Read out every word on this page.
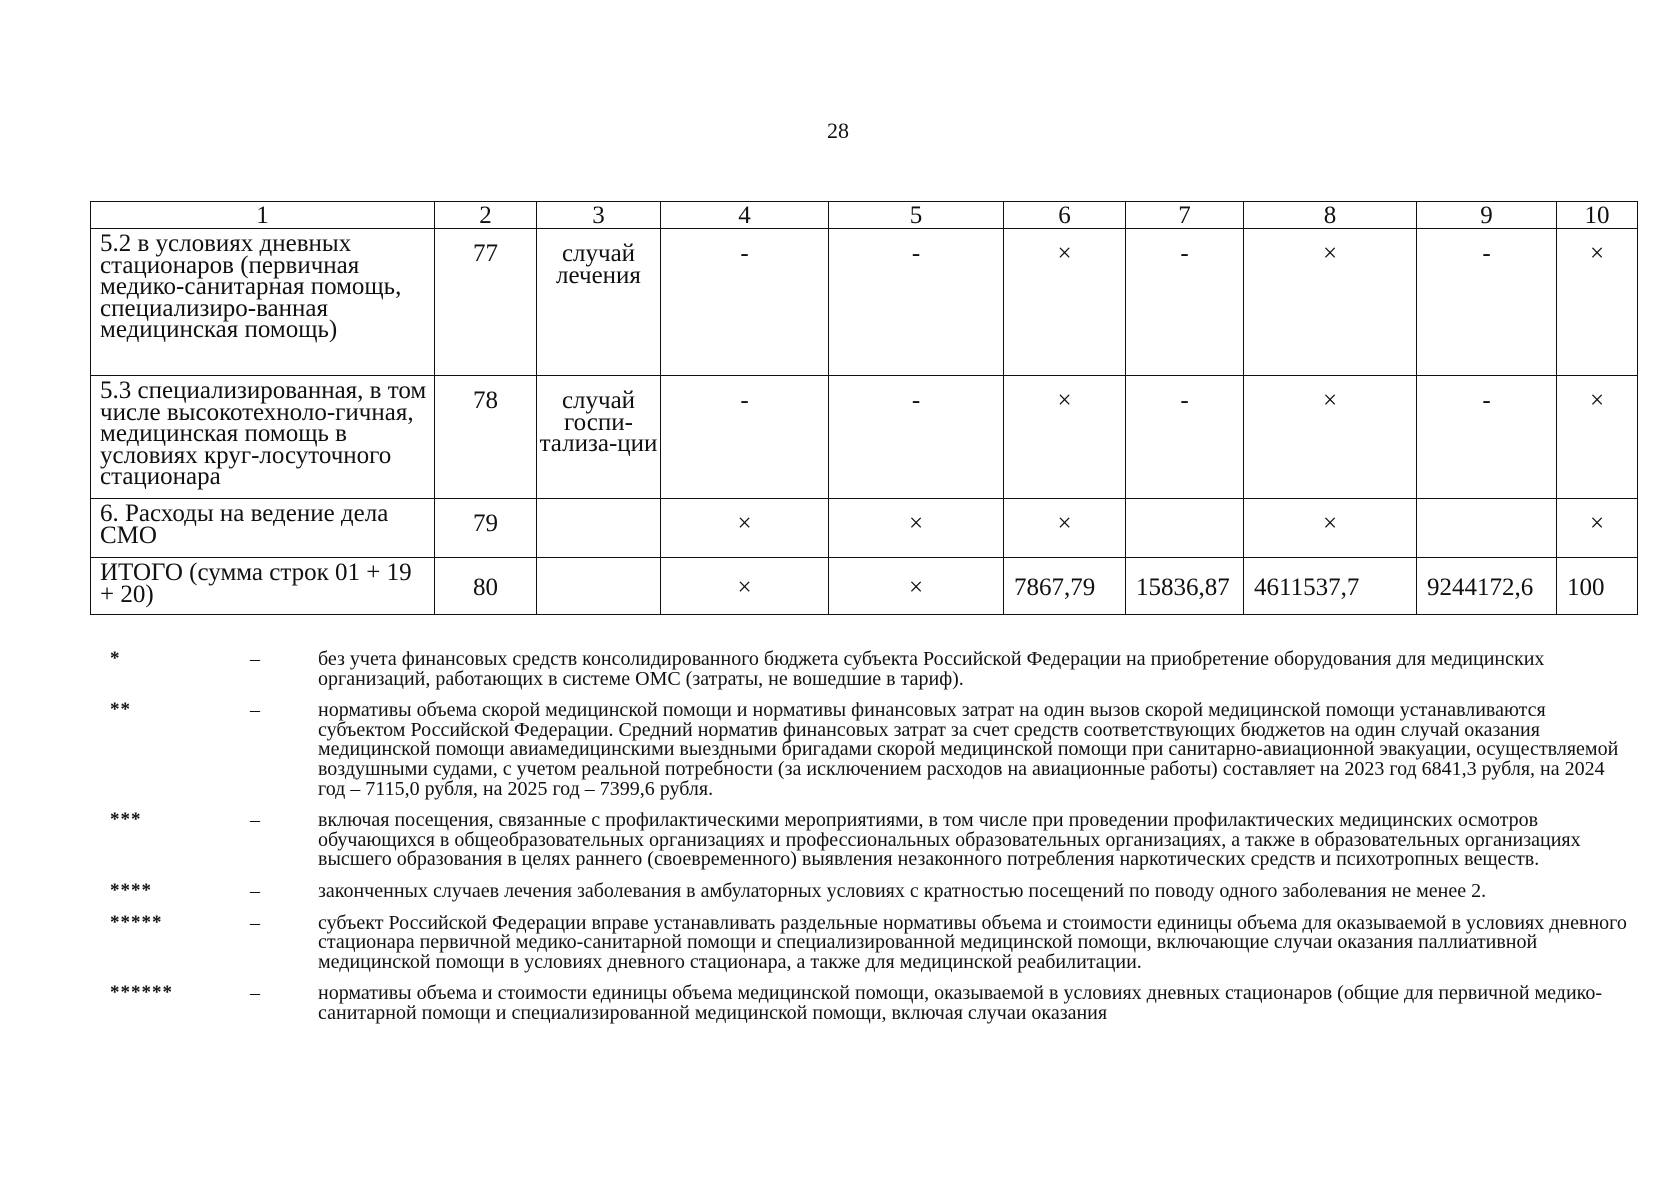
28
1	2	3	4	5	6	7	8	9	10
5.2 в условиях дневных стационаров (первичная медико-санитарная помощь, специализиро-ванная медицинская помощь)	77	случай лечения	-	-	×	-	×	-	×
5.3 специализированная, в том числе высокотехноло-гичная, медицинская помощь в условиях круг-лосуточного стационара	78	случай госпи-тализа-ции	-	-	×	-	×	-	×
6. Расходы на ведение дела СМО	79		×	×	×		×		×
ИТОГО (сумма строк 01 + 19 + 20)	80		×	×	7867,79	15836,87	4611537,7	9244172,6	100
*	–	без учета финансовых средств консолидированного бюджета субъекта Российской Федерации на приобретение оборудования для медицинских организаций, работающих в системе ОМС (затраты, не вошедшие в тариф).
**	–	нормативы объема скорой медицинской помощи и нормативы финансовых затрат на один вызов скорой медицинской помощи устанавливаются субъектом Российской Федерации. Средний норматив финансовых затрат за счет средств соответствующих бюджетов на один случай оказания медицинской помощи авиамедицинскими выездными бригадами скорой медицинской помощи при санитарно-авиационной эвакуации, осуществляемой воздушными судами, с учетом реальной потребности (за исключением расходов на авиационные работы) составляет на 2023 год 6841,3 рубля, на 2024 год – 7115,0 рубля, на 2025 год – 7399,6 рубля.
***	–	включая посещения, связанные с профилактическими мероприятиями, в том числе при проведении профилактических медицинских осмотров обучающихся в общеобразовательных организациях и профессиональных образовательных организациях, а также в образовательных организациях высшего образования в целях раннего (своевременного) выявления незаконного потребления наркотических средств и психотропных веществ.
****	–	законченных случаев лечения заболевания в амбулаторных условиях с кратностью посещений по поводу одного заболевания не менее 2.
*****	–	субъект Российской Федерации вправе устанавливать раздельные нормативы объема и стоимости единицы объема для оказываемой в условиях дневного стационара первичной медико-санитарной помощи и специализированной медицинской помощи, включающие случаи оказания паллиативной медицинской помощи в условиях дневного стационара, а также для медицинской реабилитации.
******	–	нормативы объема и стоимости единицы объема медицинской помощи, оказываемой в условиях дневных стационаров (общие для первичной медико-санитарной помощи и специализированной медицинской помощи, включая случаи оказания
